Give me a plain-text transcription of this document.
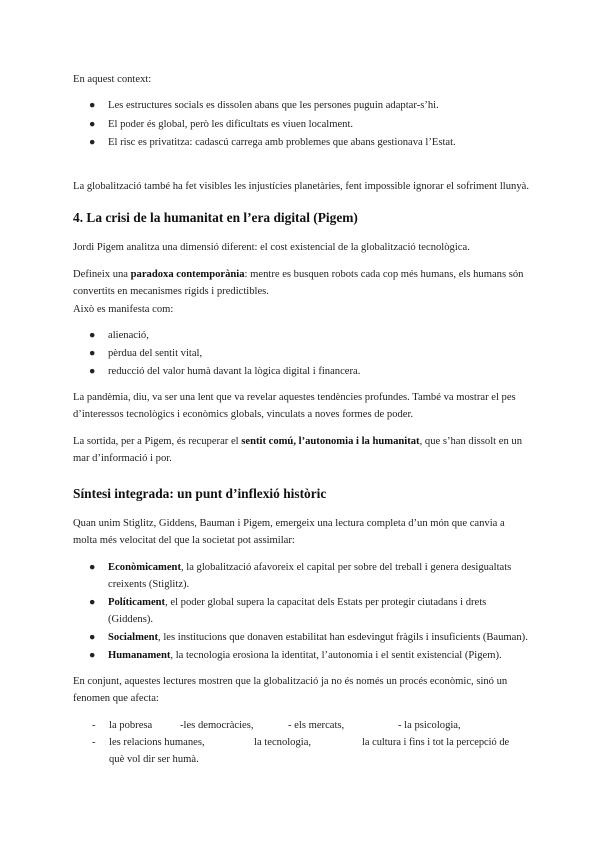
En aquest context:

● Les estructures socials es dissolen abans que les persones puguin adaptar-s’hi.
● El poder és global, però les dificultats es viuen localment.
● El risc es privatitza: cadascú carrega amb problemes que abans gestionava l’Estat.

La globalització també ha fet visibles les injustícies planetàries, fent impossible ignorar el sofriment llunyà.

4. La crisi de la humanitat en l’era digital (Pigem)

Jordi Pigem analitza una dimensió diferent: el cost existencial de la globalització tecnològica.

Defineix una paradoxa contemporània: mentre es busquen robots cada cop més humans, els humans són convertits en mecanismes rígids i predictibles.

Això es manifesta com:

● alienació,
● pèrdua del sentit vital,
● reducció del valor humà davant la lògica digital i financera.

La pandèmia, diu, va ser una lent que va revelar aquestes tendències profundes. També va mostrar el pes d’interessos tecnològics i econòmics globals, vinculats a noves formes de poder.

La sortida, per a Pigem, és recuperar el sentit comú, l’autonomia i la humanitat, que s’han dissolt en un mar d’informació i por.

Síntesi integrada: un punt d’inflexió històric

Quan unim Stiglitz, Giddens, Bauman i Pigem, emergeix una lectura completa d’un món que canvia a molta més velocitat del que la societat pot assimilar:

● Econòmicament, la globalització afavoreix el capital per sobre del treball i genera desigualtats creixents (Stiglitz).
● Políticament, el poder global supera la capacitat dels Estats per protegir ciutadans i drets (Giddens).
● Socialment, les institucions que donaven estabilitat han esdevingut fràgils i insuficients (Bauman).
● Humanament, la tecnologia erosiona la identitat, l’autonomia i el sentit existencial (Pigem).

En conjunt, aquestes lectures mostren que la globalització ja no és només un procés econòmic, sinó un fenomen que afecta:

- la pobresa	-les democràcies,	- els mercats,	- la psicologia,
- les relacions humanes,	la tecnologia,	la cultura i fins i tot la percepció de
què vol dir ser humà.
